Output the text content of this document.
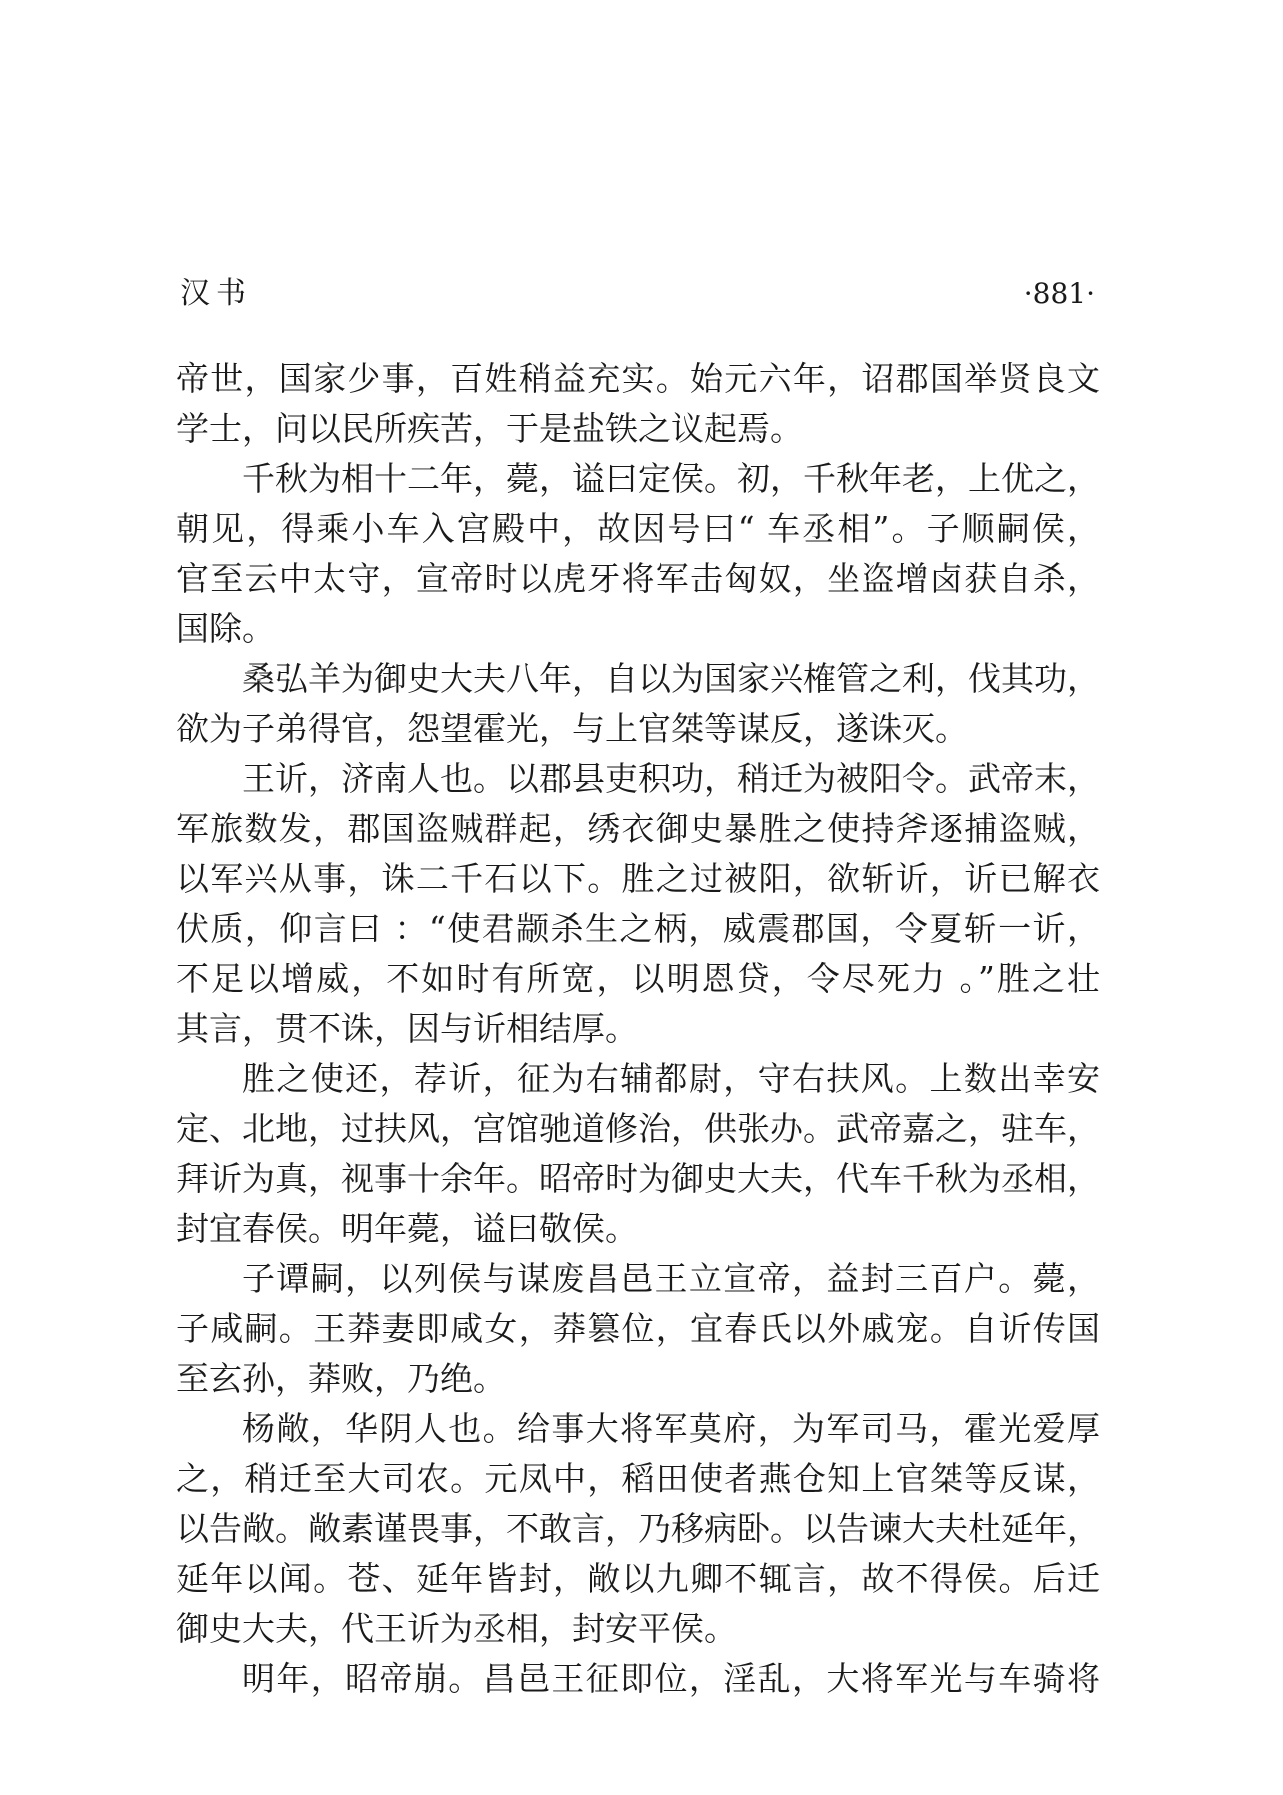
汉书	·881·
帝世，国家少事，百姓稍益充实。始元六年，诏郡国举贤良文
学士，问以民所疾苦，于是盐铁之议起焉。
千秋为相十二年，薨，谥曰定侯。初，千秋年老，上优之，
朝见，得乘小车入宫殿中，故因号曰“ 车丞相”。子顺嗣侯，
官至云中太守，宣帝时以虎牙将军击匈奴，坐盗增卤获自杀，
国除。
桑弘羊为御史大夫八年，自以为国家兴榷管之利，伐其功，
欲为子弟得官，怨望霍光，与上官桀等谋反，遂诛灭。
王䜣，济南人也。以郡县吏积功，稍迁为被阳令。武帝末，
军旅数发，郡国盗贼群起，绣衣御史暴胜之使持斧逐捕盗贼，
以军兴从事，诛二千石以下。胜之过被阳，欲斩䜣，䜣已解衣
伏质，仰言曰 ：“使君颛杀生之柄，威震郡国，令夏斩一䜣，
不足以增威，不如时有所宽，以明恩贷，令尽死力 。”胜之壮
其言，贯不诛，因与䜣相结厚。
胜之使还，荐䜣，征为右辅都尉，守右扶风。上数出幸安
定、北地，过扶风，宫馆驰道修治，供张办。武帝嘉之，驻车，
拜䜣为真，视事十余年。昭帝时为御史大夫，代车千秋为丞相，
封宜春侯。明年薨，谥曰敬侯。
子谭嗣，以列侯与谋废昌邑王立宣帝，益封三百户。薨，
子咸嗣。王莽妻即咸女，莽篡位，宜春氏以外戚宠。自䜣传国
至玄孙，莽败，乃绝。
杨敞，华阴人也。给事大将军莫府，为军司马，霍光爱厚
之，稍迁至大司农。元凤中，稻田使者燕仓知上官桀等反谋，
以告敞。敞素谨畏事，不敢言，乃移病卧。以告谏大夫杜延年，
延年以闻。苍、延年皆封，敞以九卿不辄言，故不得侯。后迁
御史大夫，代王䜣为丞相，封安平侯。
明年，昭帝崩。昌邑王征即位，淫乱，大将军光与车骑将
